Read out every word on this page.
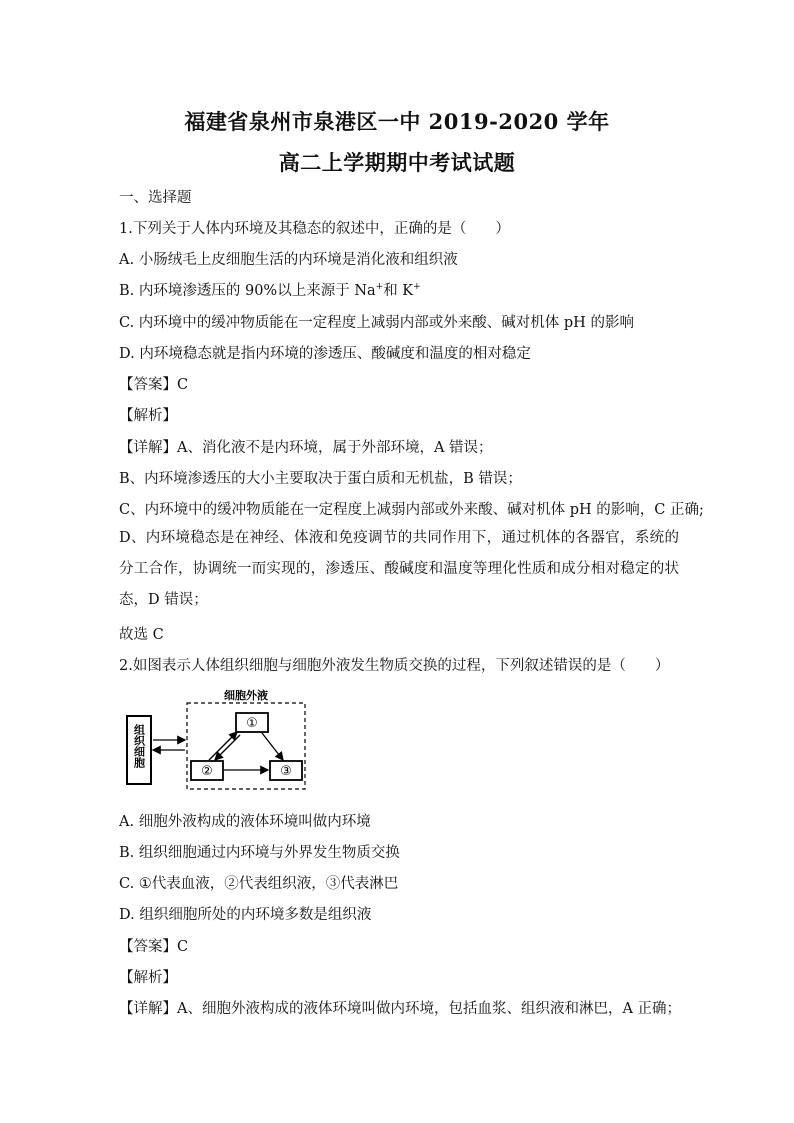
福建省泉州市泉港区一中 2019-2020 学年
高二上学期期中考试试题
一、选择题
1.下列关于人体内环境及其稳态的叙述中，正确的是（　　）
A. 小肠绒毛上皮细胞生活的内环境是消化液和组织液
B. 内环境渗透压的 90%以上来源于 Na+和 K+
C. 内环境中的缓冲物质能在一定程度上减弱内部或外来酸、碱对机体 pH 的影响
D. 内环境稳态就是指内环境的渗透压、酸碱度和温度的相对稳定
【答案】C
【解析】
【详解】A、消化液不是内环境，属于外部环境，A 错误；
B、内环境渗透压的大小主要取决于蛋白质和无机盐，B 错误；
C、内环境中的缓冲物质能在一定程度上减弱内部或外来酸、碱对机体 pH 的影响，C 正确;
D、内环境稳态是在神经、体液和免疫调节的共同作用下，通过机体的各器官，系统的分工合作，协调统一而实现的，渗透压、酸碱度和温度等理化性质和成分相对稳定的状态，D 错误；
故选 C
2.如图表示人体组织细胞与细胞外液发生物质交换的过程，下列叙述错误的是（　　）
组织细胞
细胞外液
①
②	③
A. 细胞外液构成的液体环境叫做内环境
B. 组织细胞通过内环境与外界发生物质交换
C. ①代表血液，②代表组织液，③代表淋巴
D. 组织细胞所处的内环境多数是组织液
【答案】C
【解析】
【详解】A、细胞外液构成的液体环境叫做内环境，包括血浆、组织液和淋巴，A 正确；
